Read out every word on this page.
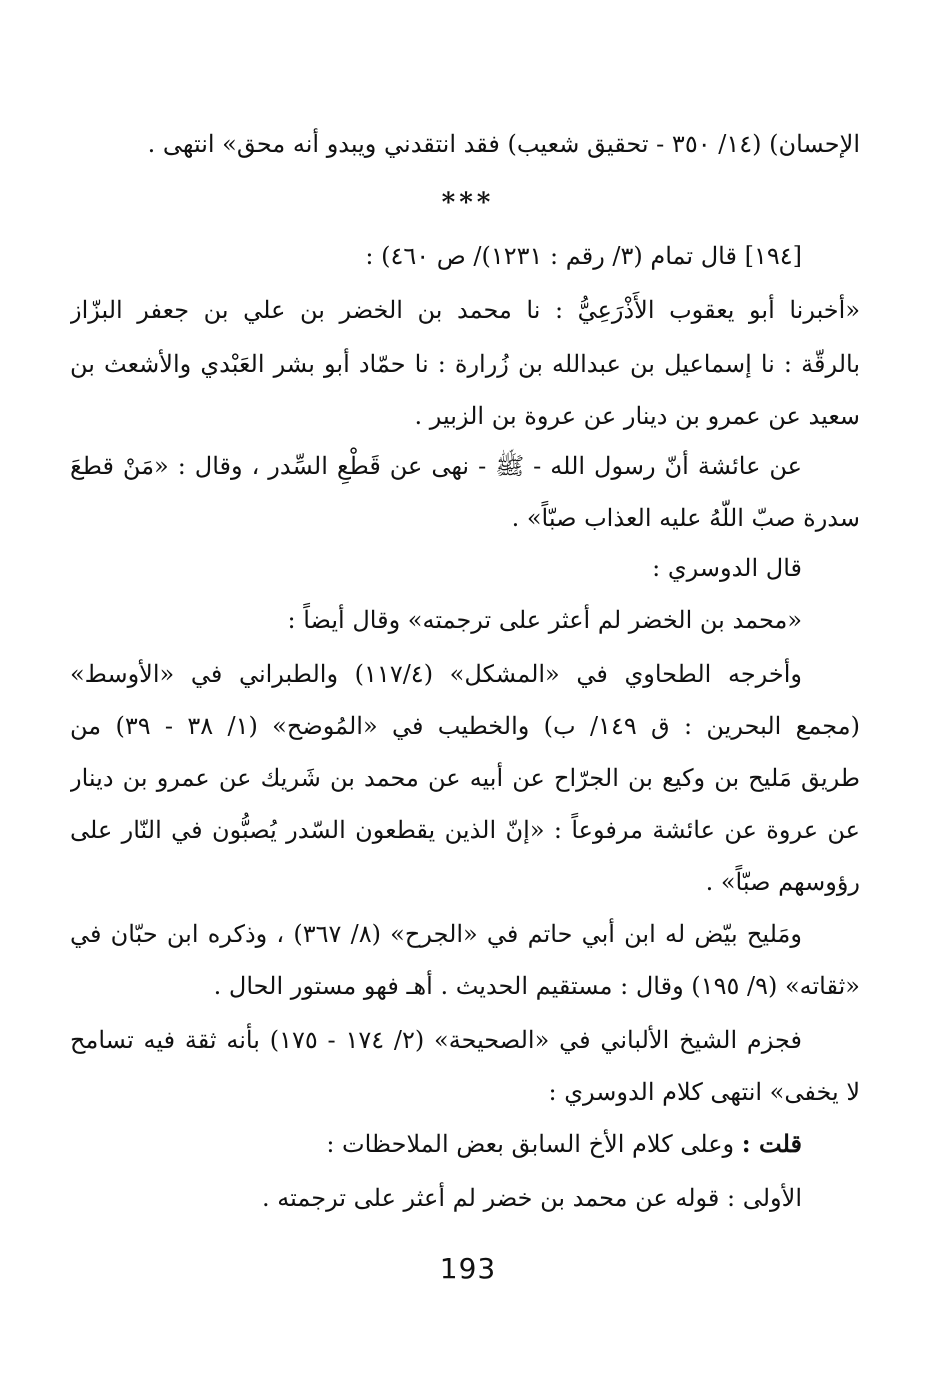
الإحسان) (١٤/ ٣٥٠ - تحقيق شعيب) فقد انتقدني ويبدو أنه محق» انتهى .
***
[١٩٤] قال تمام (٣/ رقم : ١٢٣١)/ ص ٤٦٠) :
«أخبرنا أبو يعقوب الأَذْرَعِيُّ : نا محمد بن الخضر بن علي بن جعفر البزّاز
بالرقّة : نا إسماعيل بن عبدالله بن زُرارة : نا حمّاد أبو بشر العَبْدي والأشعث بن
سعيد عن عمرو بن دينار عن عروة بن الزبير .
عن عائشة أنّ رسول الله - ﷺ - نهى عن قَطْعِ السِّدر ، وقال : «مَنْ قطعَ
سدرة صبّ اللّهُ عليه العذاب صبّاً» .
قال الدوسري :
«محمد بن الخضر لم أعثر على ترجمته» وقال أيضاً :
وأخرجه الطحاوي في «المشكل» (١١٧/٤) والطبراني في «الأوسط»
(مجمع البحرين : ق ١٤٩/ ب) والخطيب في «المُوضح» (١/ ٣٨ - ٣٩) من
طريق مَليح بن وكيع بن الجرّاح عن أبيه عن محمد بن شَريك عن عمرو بن دينار
عن عروة عن عائشة مرفوعاً : «إنّ الذين يقطعون السّدر يُصبُّون في النّار على
رؤوسهم صبّاً» .
ومَليح بيّض له ابن أبي حاتم في «الجرح» (٨/ ٣٦٧) ، وذكره ابن حبّان في
«ثقاته» (٩/ ١٩٥) وقال : مستقيم الحديث . أهـ فهو مستور الحال .
فجزم الشيخ الألباني في «الصحيحة» (٢/ ١٧٤ - ١٧٥) بأنه ثقة فيه تسامح
لا يخفى» انتهى كلام الدوسري :
قلت : وعلى كلام الأخ السابق بعض الملاحظات :
الأولى : قوله عن محمد بن خضر لم أعثر على ترجمته .
193
